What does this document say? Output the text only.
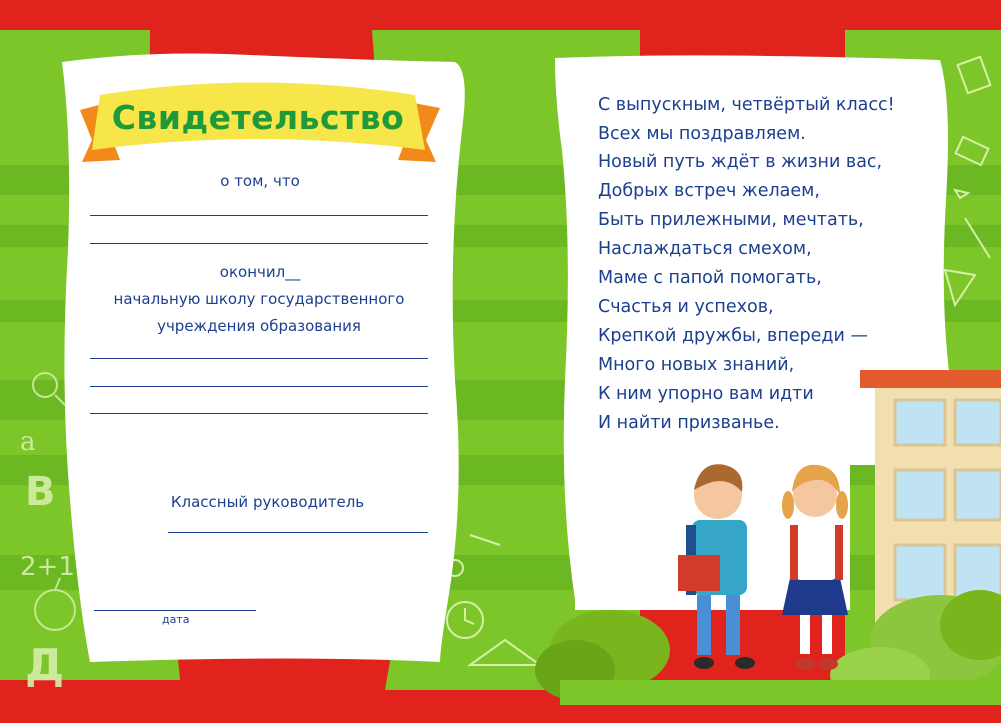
a
B
2+1
Д
Свидетельство
о том, что
окончил__
начальную школу государственного
учреждения образования
Классный руководитель
дата
С выпускным, четвёртый класс!
Всех мы поздравляем.
Новый путь ждёт в жизни вас,
Добрых встреч желаем,
Быть прилежными, мечтать,
Наслаждаться смехом,
Маме с папой помогать,
Счастья и успехов,
Крепкой дружбы, впереди —
Много новых знаний,
К ним упорно вам идти
И найти призванье.
